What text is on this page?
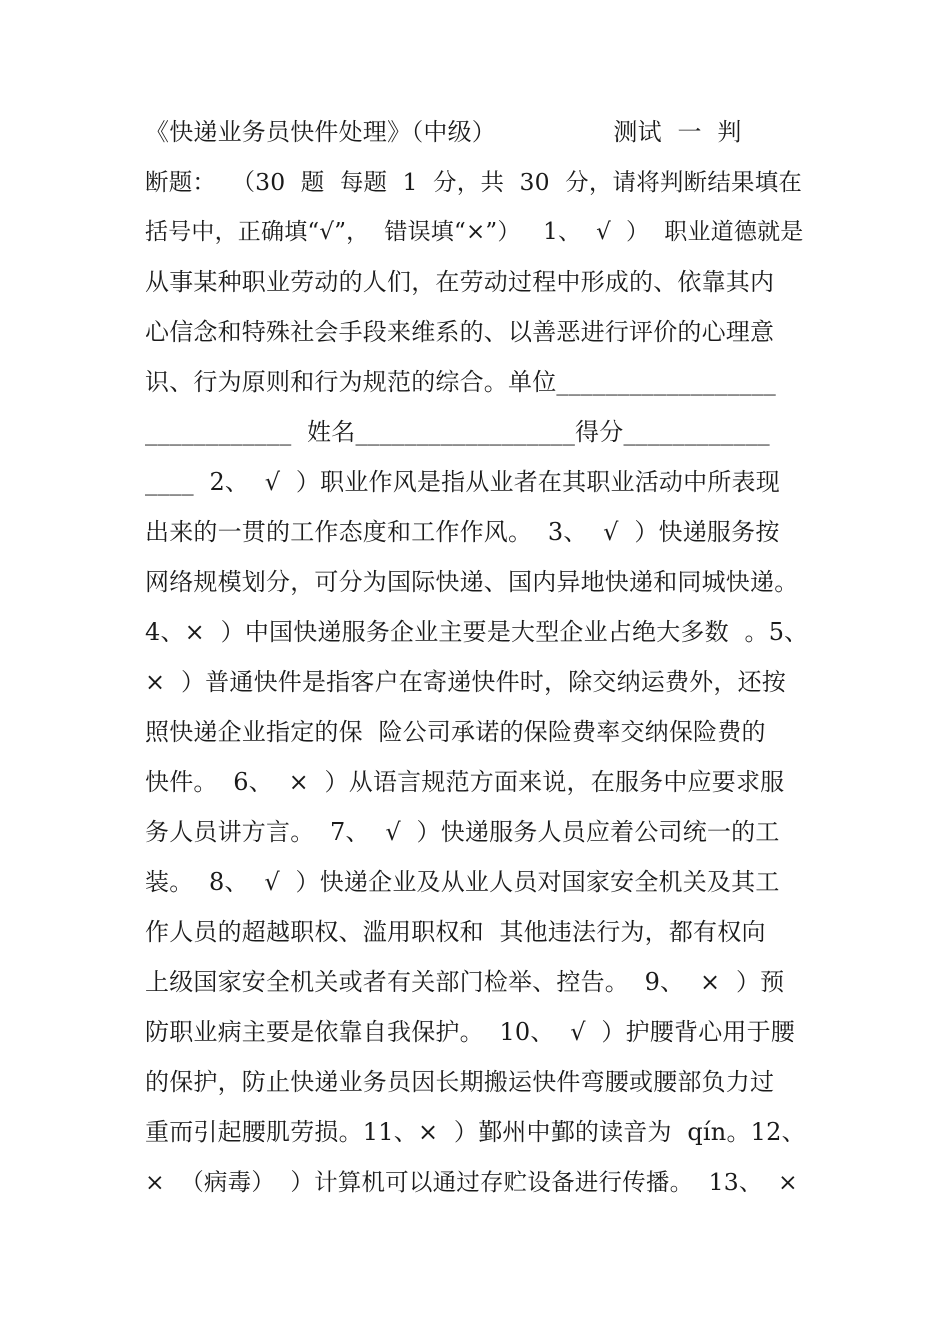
《快递业务员快件处理》（中级）               测试  一  判
断题：  （30  题  每题  1  分，共  30  分，请将判断结果填在
括号中，正确填“√”，  错误填“×”）   1、  √  ）  职业道德就是
从事某种职业劳动的人们，在劳动过程中形成的、依靠其内
心信念和特殊社会手段来维系的、以善恶进行评价的心理意
识、行为原则和行为规范的综合。单位__________________
____________  姓名__________________得分____________
____  2、  √  ）职业作风是指从业者在其职业活动中所表现
出来的一贯的工作态度和工作作风。  3、  √  ）快递服务按
网络规模划分，可分为国际快递、国内异地快递和同城快递。
4、×  ）中国快递服务企业主要是大型企业占绝大多数  。5、
×  ）普通快件是指客户在寄递快件时，除交纳运费外，还按
照快递企业指定的保  险公司承诺的保险费率交纳保险费的
快件。  6、  ×  ）从语言规范方面来说，在服务中应要求服
务人员讲方言。  7、  √  ）快递服务人员应着公司统一的工
装。  8、  √  ）快递企业及从业人员对国家安全机关及其工
作人员的超越职权、滥用职权和  其他违法行为，都有权向
上级国家安全机关或者有关部门检举、控告。  9、  ×  ）预
防职业病主要是依靠自我保护。  10、  √  ）护腰背心用于腰
的保护，防止快递业务员因长期搬运快件弯腰或腰部负力过
重而引起腰肌劳损。11、×  ）鄞州中鄞的读音为  qín。12、
×  （病毒）  ）计算机可以通过存贮设备进行传播。  13、  ×
